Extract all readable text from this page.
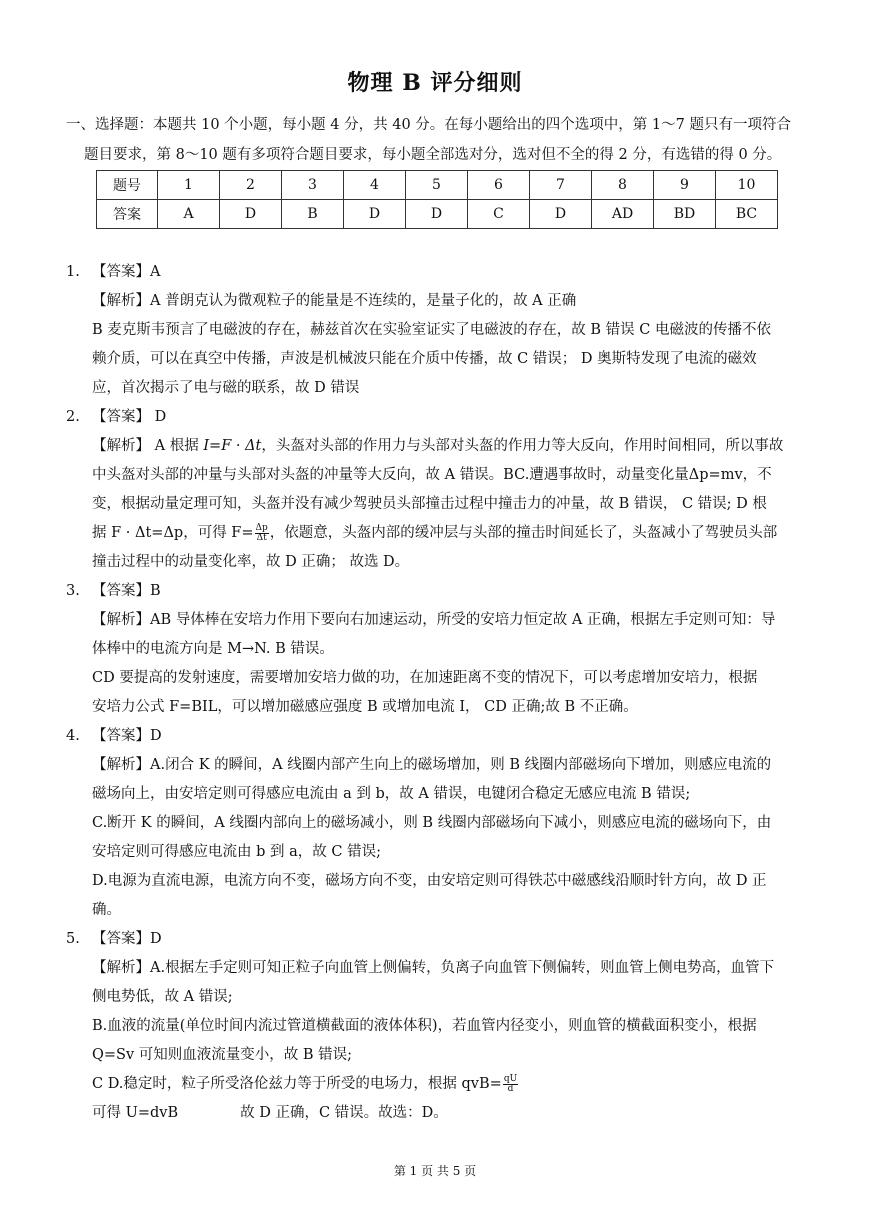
物理 B 评分细则
一、选择题：本题共 10 个小题，每小题 4 分，共 40 分。在每小题给出的四个选项中，第 1～7 题只有一项符合
题目要求，第 8～10 题有多项符合题目要求，每小题全部选对分，选对但不全的得 2 分，有选错的得 0 分。
题号	1	2	3	4	5	6	7	8	9	10
答案	A	D	B	D	D	C	D	AD	BD	BC
1. 【答案】A
【解析】A 普朗克认为微观粒子的能量是不连续的，是量子化的，故 A 正确
B 麦克斯韦预言了电磁波的存在，赫兹首次在实验室证实了电磁波的存在，故 B 错误 C 电磁波的传播不依
赖介质，可以在真空中传播，声波是机械波只能在介质中传播，故 C 错误； D 奥斯特发现了电流的磁效
应，首次揭示了电与磁的联系，故 D 错误
2. 【答案】 D
【解析】 A 根据 I=F · Δt，头盔对头部的作用力与头部对头盔的作用力等大反向，作用时间相同，所以事故
中头盔对头部的冲量与头部对头盔的冲量等大反向，故 A 错误。BC.遭遇事故时，动量变化量Δp=mv，不
变，根据动量定理可知，头盔并没有减少驾驶员头部撞击过程中撞击力的冲量，故 B 错误， C 错误; D 根
据 F · Δt=Δp，可得 $F= \frac{\Delta p}{\Delta t}$ ，依题意，头盔内部的缓冲层与头部的撞击时间延长了，头盔减小了驾驶员头部
撞击过程中的动量变化率，故 D 正确； 故选 D。
3. 【答案】B
【解析】AB 导体棒在安培力作用下要向右加速运动，所受的安培力恒定故 A 正确，根据左手定则可知：导
体棒中的电流方向是 M→N. B 错误。
CD 要提高的发射速度，需要增加安培力做的功，在加速距离不变的情况下，可以考虑增加安培力，根据
安培力公式 F=BIL，可以增加磁感应强度 B 或增加电流 I， CD 正确;故 B 不正确。
4. 【答案】D
【解析】A.闭合 K 的瞬间，A 线圈内部产生向上的磁场增加，则 B 线圈内部磁场向下增加，则感应电流的
磁场向上，由安培定则可得感应电流由 a 到 b，故 A 错误，电键闭合稳定无感应电流 B 错误;
C.断开 K 的瞬间，A 线圈内部向上的磁场减小，则 B 线圈内部磁场向下减小，则感应电流的磁场向下，由
安培定则可得感应电流由 b 到 a，故 C 错误;
D.电源为直流电源，电流方向不变，磁场方向不变，由安培定则可得铁芯中磁感线沿顺时针方向，故 D 正
确。
5. 【答案】D
【解析】A.根据左手定则可知正粒子向血管上侧偏转，负离子向血管下侧偏转，则血管上侧电势高，血管下
侧电势低，故 A 错误;
B.血液的流量(单位时间内流过管道横截面的液体体积)，若血管内径变小，则血管的横截面积变小，根据
Q=Sv 可知则血液流量变小，故 B 错误;
C D.稳定时，粒子所受洛伦兹力等于所受的电场力，根据 $qvB= \frac{qU}{d}$
可得 U=dvB	故 D 正确，C 错误。故选：D。
第 1 页 共 5 页
